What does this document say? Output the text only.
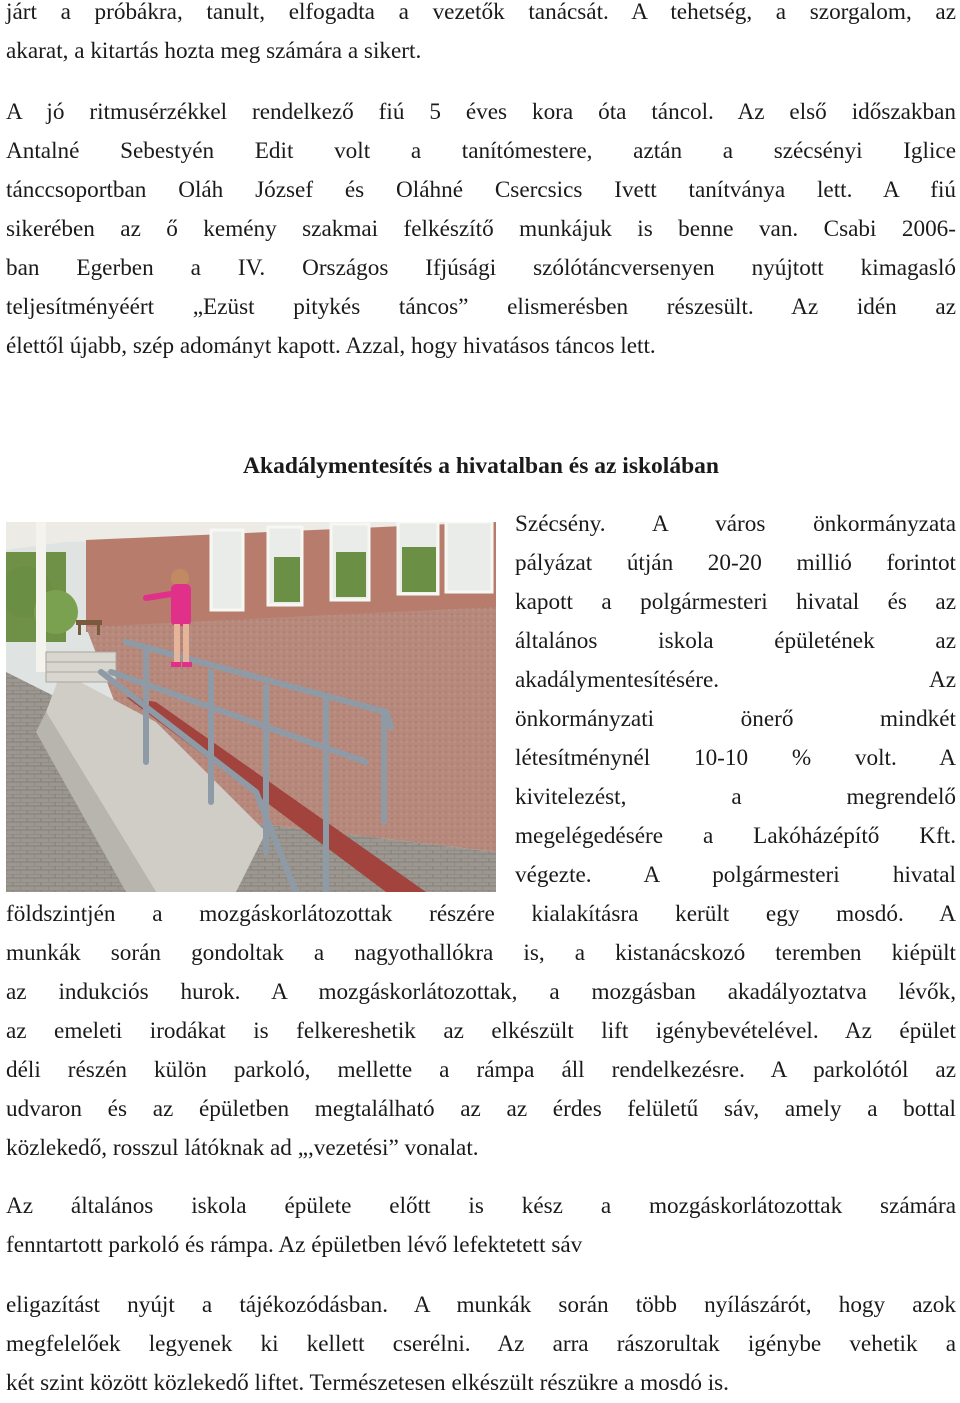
járt a próbákra, tanult, elfogadta a vezetők tanácsát. A tehetség, a szorgalom, az
akarat, a kitartás hozta meg számára a sikert.

A jó ritmusérzékkel rendelkező fiú 5 éves kora óta táncol. Az első időszakban
Antalné Sebestyén Edit volt a tanítómestere, aztán a szécsényi Iglice
tánccsoportban Oláh József és Oláhné Csercsics Ivett tanítványa lett. A fiú
sikerében az ő kemény szakmai felkészítő munkájuk is benne van. Csabi 2006-
ban Egerben a IV. Országos Ifjúsági szólótáncversenyen nyújtott kimagasló
teljesítményéért „Ezüst pitykés táncos” elismerésben részesült. Az idén az
élettől újabb, szép adományt kapott. Azzal, hogy hivatásos táncos lett.

Akadálymentesítés a hivatalban és az iskolában

Szécsény. A város önkormányzata
pályázat útján 20-20 millió forintot
kapott a polgármesteri hivatal és az
általános iskola épületének az
akadálymentesítésére. Az
önkormányzati önerő mindkét
létesítménynél 10-10 % volt. A
kivitelezést, a megrendelő
megelégedésére a Lakóházépítő Kft.
végezte. A polgármesteri hivatal

földszintjén a mozgáskorlátozottak részére kialakításra került egy mosdó. A
munkák során gondoltak a nagyothallókra is, a kistanácskozó teremben kiépült
az indukciós hurok. A mozgáskorlátozottak, a mozgásban akadályoztatva lévők,
az emeleti irodákat is felkereshetik az elkészült lift igénybevételével. Az épület
déli részén külön parkoló, mellette a rámpa áll rendelkezésre. A parkolótól az
udvaron és az épületben megtalálható az az érdes felületű sáv, amely a bottal
közlekedő, rosszul látóknak ad „,vezetési” vonalat.

Az általános iskola épülete előtt is kész a mozgáskorlátozottak számára
fenntartott parkoló és rámpa. Az épületben lévő lefektetett sáv

eligazítást nyújt a tájékozódásban. A munkák során több nyílászárót, hogy azok
megfelelőek legyenek ki kellett cserélni. Az arra rászorultak igénybe vehetik a
két szint között közlekedő liftet. Természetesen elkészült részükre a mosdó is.
